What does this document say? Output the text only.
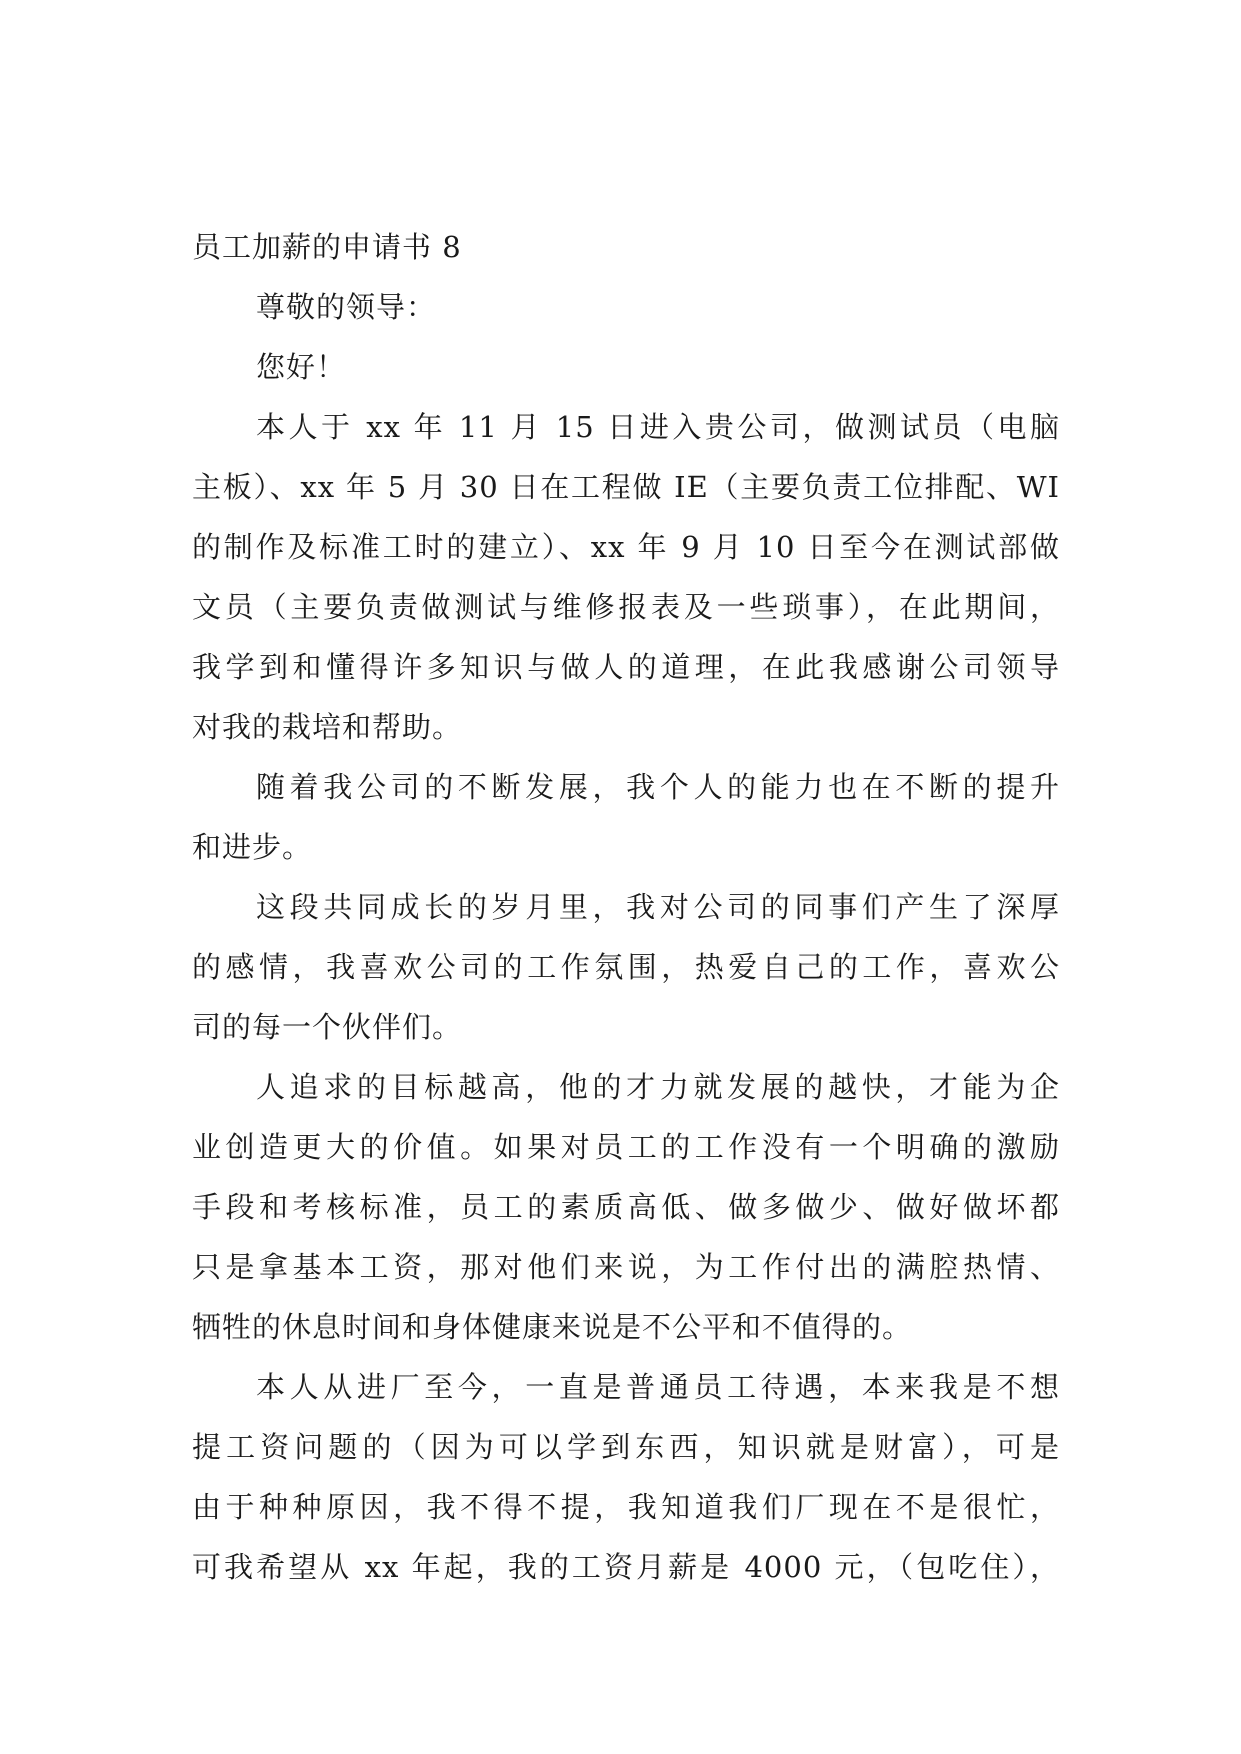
员工加薪的申请书 8

尊敬的领导：

您好！

本人于 xx 年 11 月 15 日进入贵公司，做测试员（电脑

主板）、xx 年 5 月 30 日在工程做 IE（主要负责工位排配、WI

的制作及标准工时的建立）、xx 年 9 月 10 日至今在测试部做

文员（主要负责做测试与维修报表及一些琐事），在此期间，

我学到和懂得许多知识与做人的道理，在此我感谢公司领导

对我的栽培和帮助。

随着我公司的不断发展，我个人的能力也在不断的提升

和进步。

这段共同成长的岁月里，我对公司的同事们产生了深厚

的感情，我喜欢公司的工作氛围，热爱自己的工作，喜欢公

司的每一个伙伴们。

人追求的目标越高，他的才力就发展的越快，才能为企

业创造更大的价值。如果对员工的工作没有一个明确的激励

手段和考核标准，员工的素质高低、做多做少、做好做坏都

只是拿基本工资，那对他们来说，为工作付出的满腔热情、

牺牲的休息时间和身体健康来说是不公平和不值得的。

本人从进厂至今，一直是普通员工待遇，本来我是不想

提工资问题的（因为可以学到东西，知识就是财富），可是

由于种种原因，我不得不提，我知道我们厂现在不是很忙，

可我希望从 xx 年起，我的工资月薪是 4000 元，（包吃住），
